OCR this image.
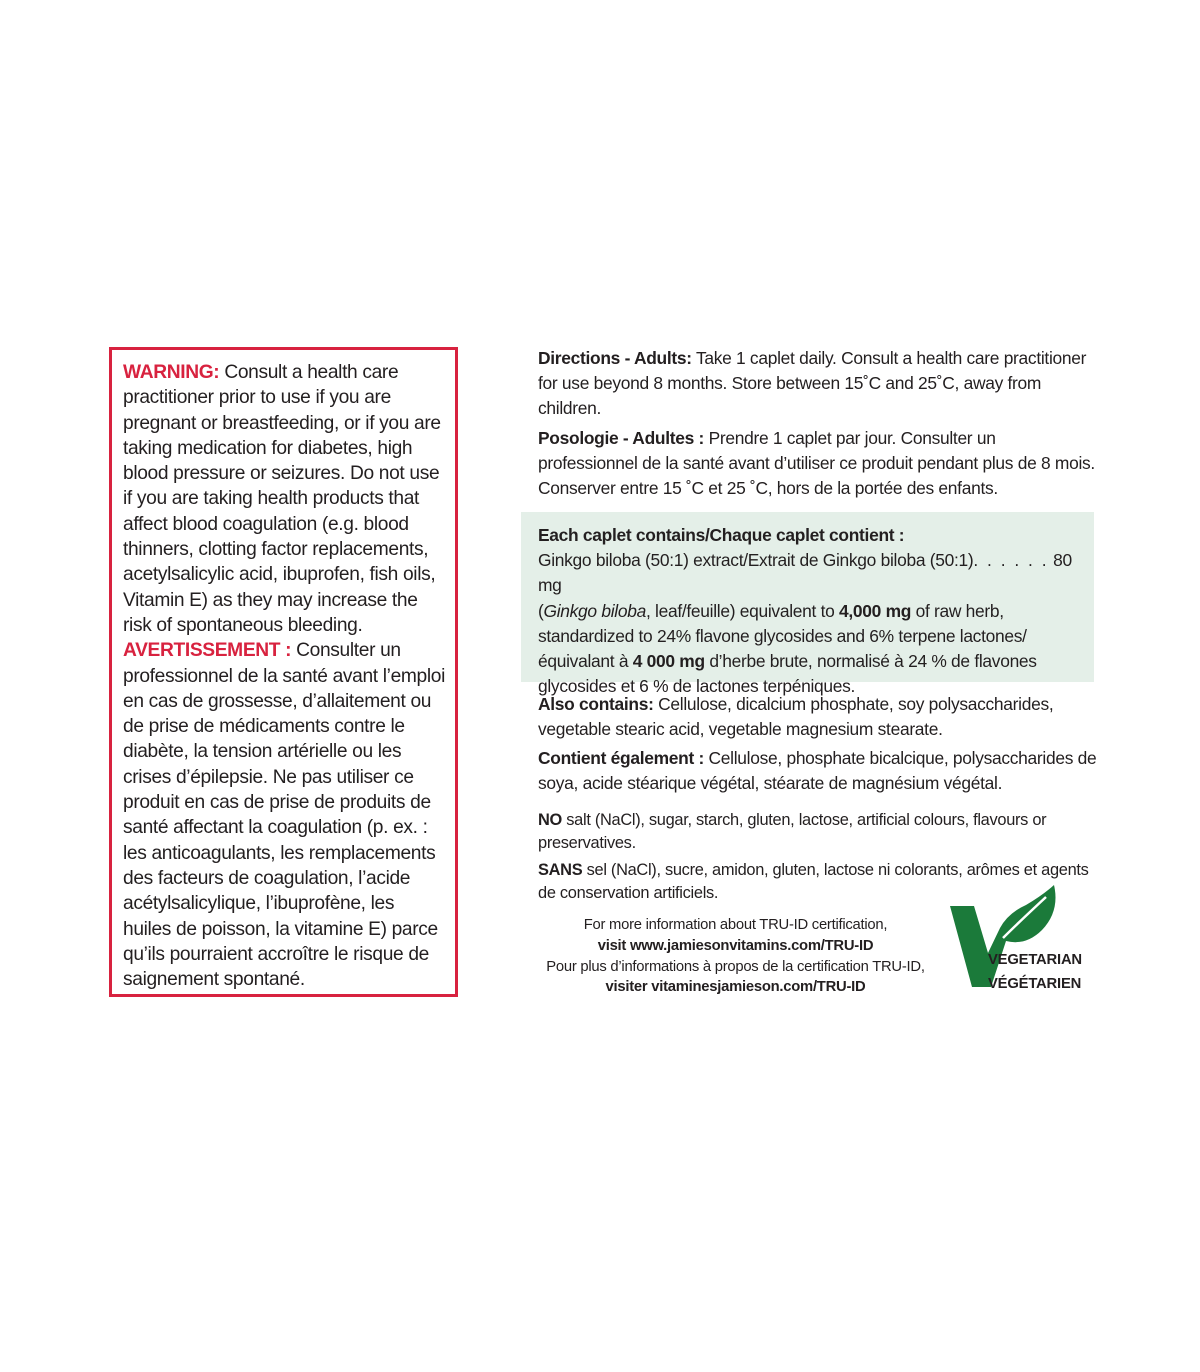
WARNING: Consult a health care practitioner prior to use if you are pregnant or breastfeeding, or if you are taking medication for diabetes, high blood pressure or seizures. Do not use if you are taking health products that affect blood coagulation (e.g. blood thinners, clotting factor replacements, acetylsalicylic acid, ibuprofen, fish oils, Vitamin E) as they may increase the risk of spontaneous bleeding.

AVERTISSEMENT : Consulter un professionnel de la santé avant l’emploi en cas de grossesse, d’allaitement ou de prise de médicaments contre le diabète, la tension artérielle ou les crises d’épilepsie. Ne pas utiliser ce produit en cas de prise de produits de santé affectant la coagulation (p. ex. : les anticoagulants, les remplacements des facteurs de coagulation, l’acide acétylsalicylique, l’ibuprofène, les huiles de poisson, la vitamine E) parce qu’ils pourraient accroître le risque de saignement spontané.

Directions - Adults: Take 1 caplet daily. Consult a health care practitioner for use beyond 8 months. Store between 15˚C and 25˚C, away from children.

Posologie - Adultes : Prendre 1 caplet par jour. Consulter un professionnel de la santé avant d’utiliser ce produit pendant plus de 8 mois. Conserver entre 15 ˚C et 25 ˚C, hors de la portée des enfants.

Each caplet contains/Chaque caplet contient :

Ginkgo biloba (50:1) extract/Extrait de Ginkgo biloba (50:1). . . . . . 80 mg
(Ginkgo biloba, leaf/feuille) equivalent to 4,000 mg of raw herb, standardized to 24% flavone glycosides and 6% terpene lactones/ équivalant à 4 000 mg d’herbe brute, normalisé à 24 % de flavones glycosides et 6 % de lactones terpéniques.

Also contains: Cellulose, dicalcium phosphate, soy polysaccharides, vegetable stearic acid, vegetable magnesium stearate.

Contient également : Cellulose, phosphate bicalcique, polysaccharides de soya, acide stéarique végétal, stéarate de magnésium végétal.

NO salt (NaCl), sugar, starch, gluten, lactose, artificial colours, flavours or preservatives.

SANS sel (NaCl), sucre, amidon, gluten, lactose ni colorants, arômes et agents de conservation artificiels.

For more information about TRU-ID certification,
visit www.jamiesonvitamins.com/TRU-ID
Pour plus d’informations à propos de la certification TRU-ID,
visiter vitaminesjamieson.com/TRU-ID
VEGETARIAN
VÉGÉTARIEN
